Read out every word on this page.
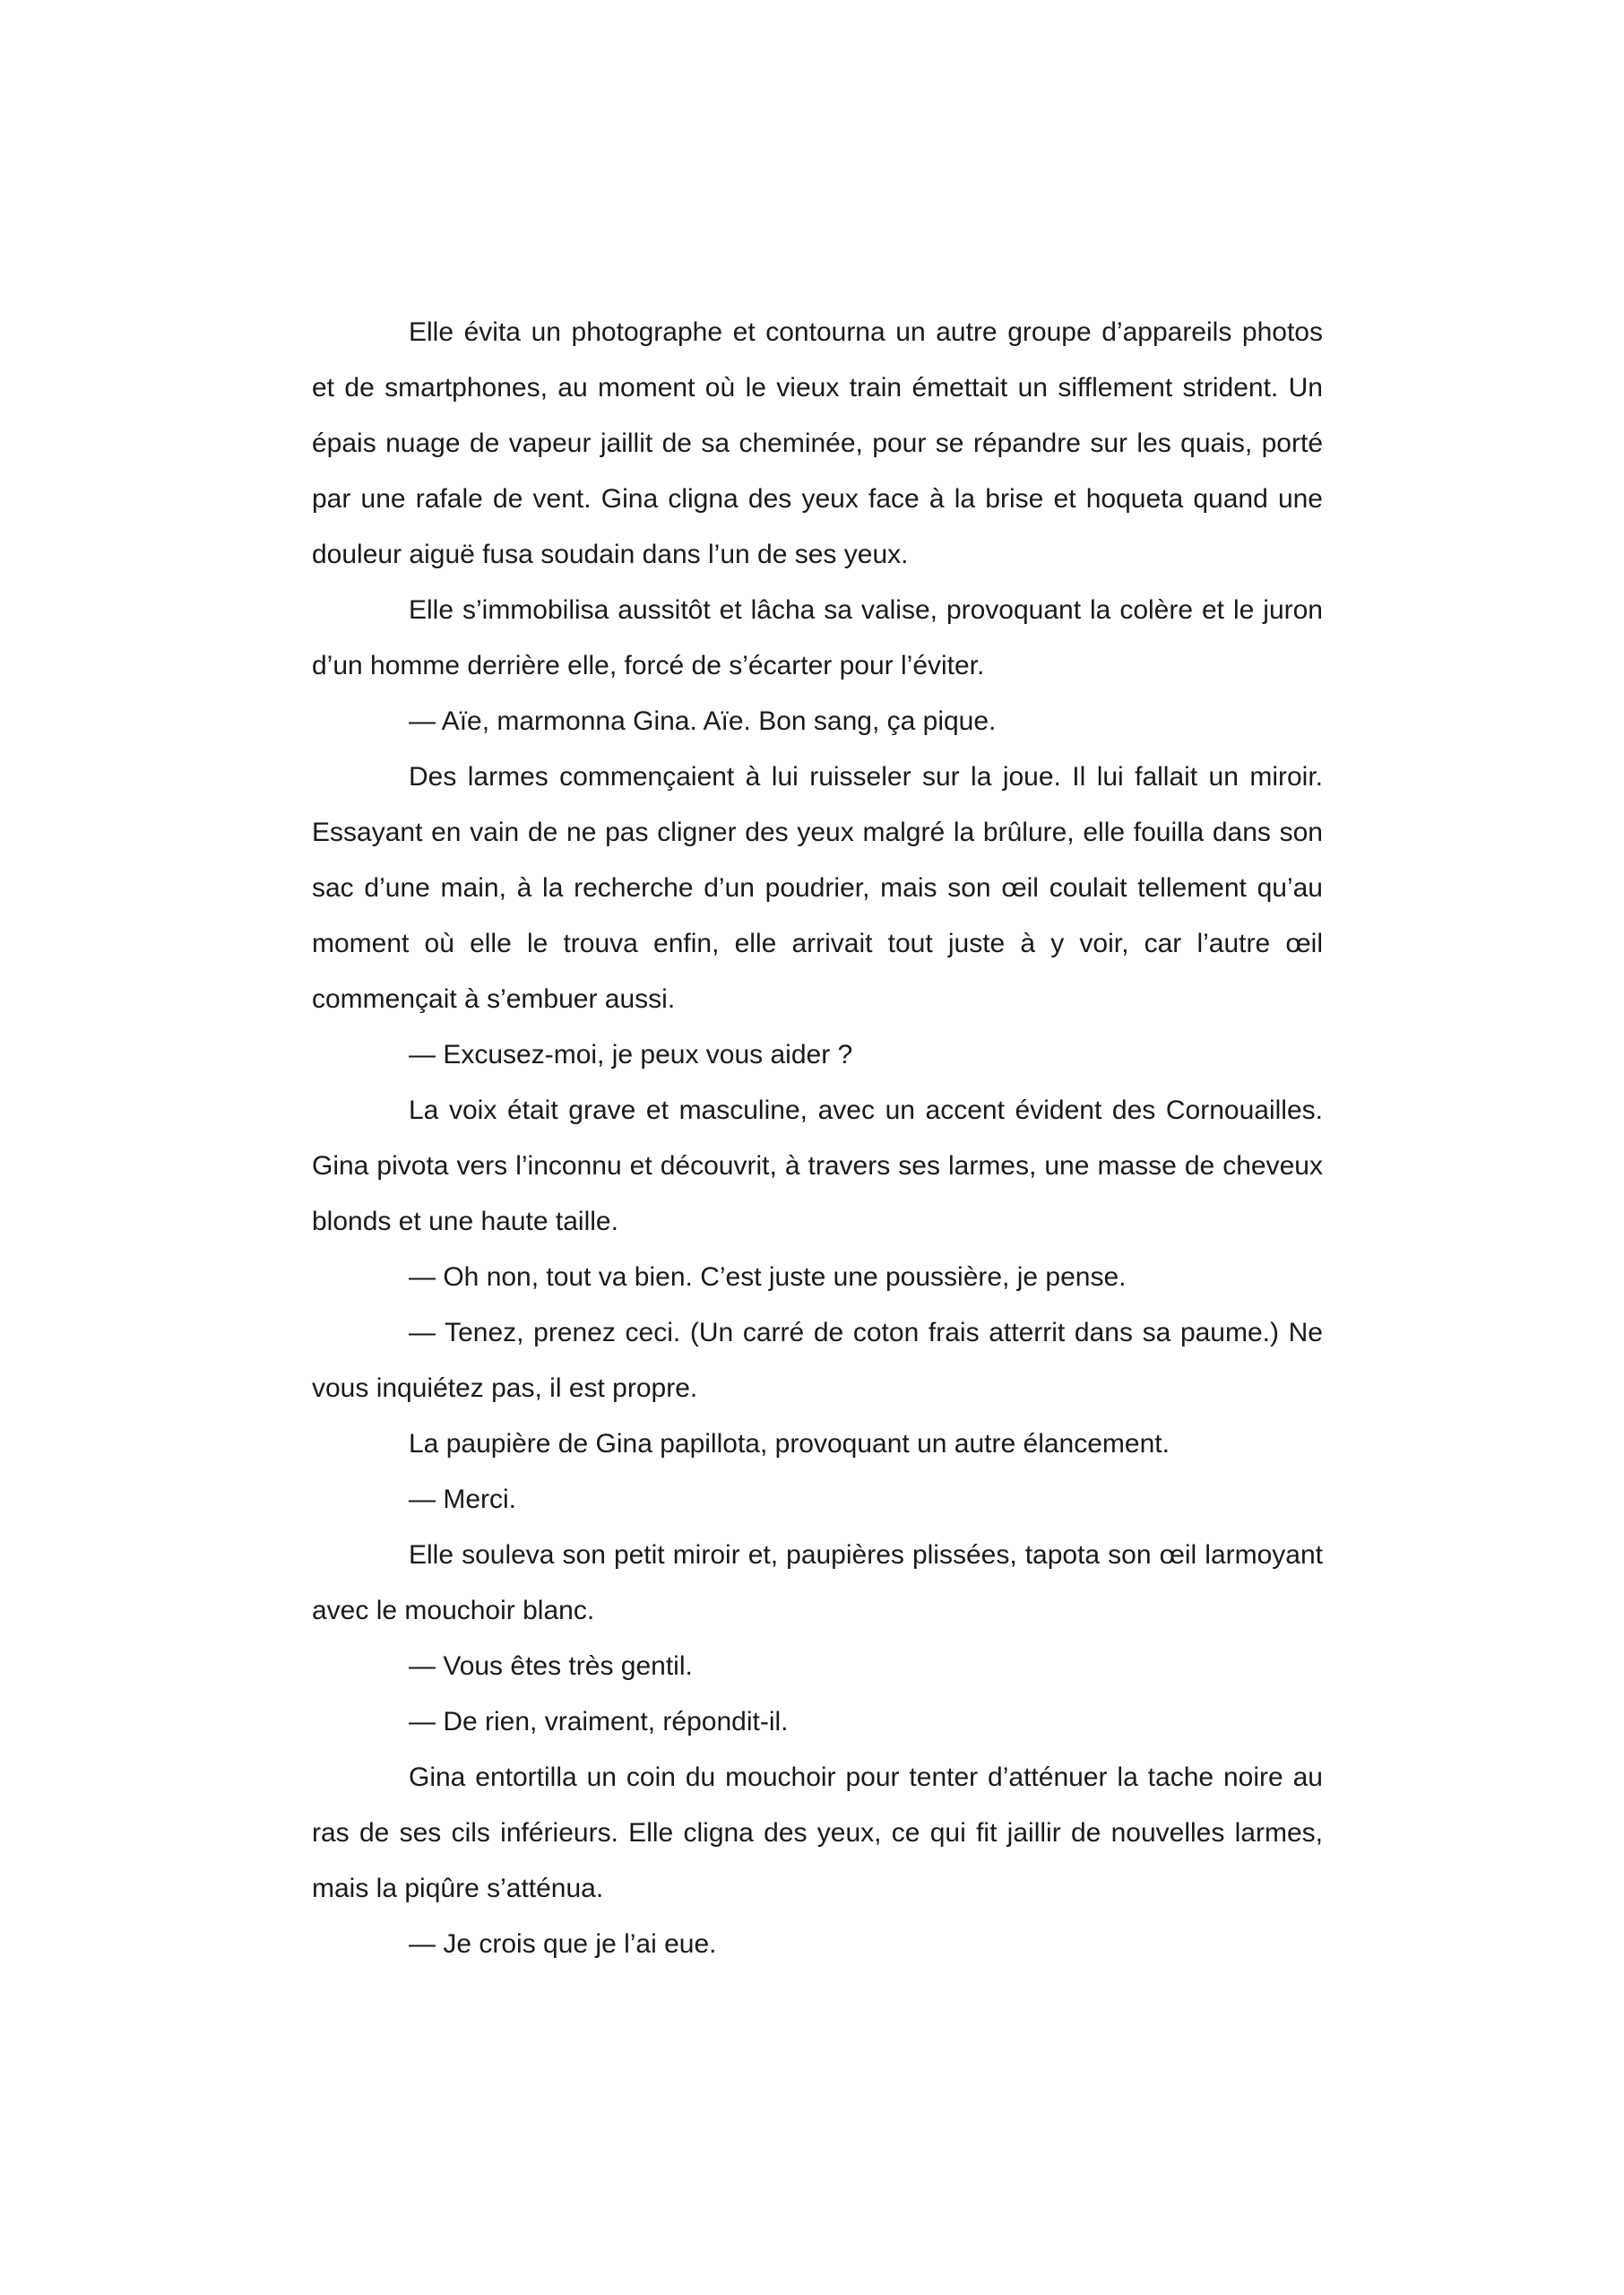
Elle évita un photographe et contourna un autre groupe d’appareils photos et de smartphones, au moment où le vieux train émettait un sifflement strident. Un épais nuage de vapeur jaillit de sa cheminée, pour se répandre sur les quais, porté par une rafale de vent. Gina cligna des yeux face à la brise et hoqueta quand une douleur aiguë fusa soudain dans l’un de ses yeux.

Elle s’immobilisa aussitôt et lâcha sa valise, provoquant la colère et le juron d’un homme derrière elle, forcé de s’écarter pour l’éviter.

— Aïe, marmonna Gina. Aïe. Bon sang, ça pique.

Des larmes commençaient à lui ruisseler sur la joue. Il lui fallait un miroir. Essayant en vain de ne pas cligner des yeux malgré la brûlure, elle fouilla dans son sac d’une main, à la recherche d’un poudrier, mais son œil coulait tellement qu’au moment où elle le trouva enfin, elle arrivait tout juste à y voir, car l’autre œil commençait à s’embuer aussi.

— Excusez-moi, je peux vous aider ?

La voix était grave et masculine, avec un accent évident des Cornouailles. Gina pivota vers l’inconnu et découvrit, à travers ses larmes, une masse de cheveux blonds et une haute taille.

— Oh non, tout va bien. C’est juste une poussière, je pense.

— Tenez, prenez ceci. (Un carré de coton frais atterrit dans sa paume.) Ne vous inquiétez pas, il est propre.

La paupière de Gina papillota, provoquant un autre élancement.

— Merci.

Elle souleva son petit miroir et, paupières plissées, tapota son œil larmoyant avec le mouchoir blanc.

— Vous êtes très gentil.

— De rien, vraiment, répondit-il.

Gina entortilla un coin du mouchoir pour tenter d’atténuer la tache noire au ras de ses cils inférieurs. Elle cligna des yeux, ce qui fit jaillir de nouvelles larmes, mais la piqûre s’atténua.

— Je crois que je l’ai eue.
